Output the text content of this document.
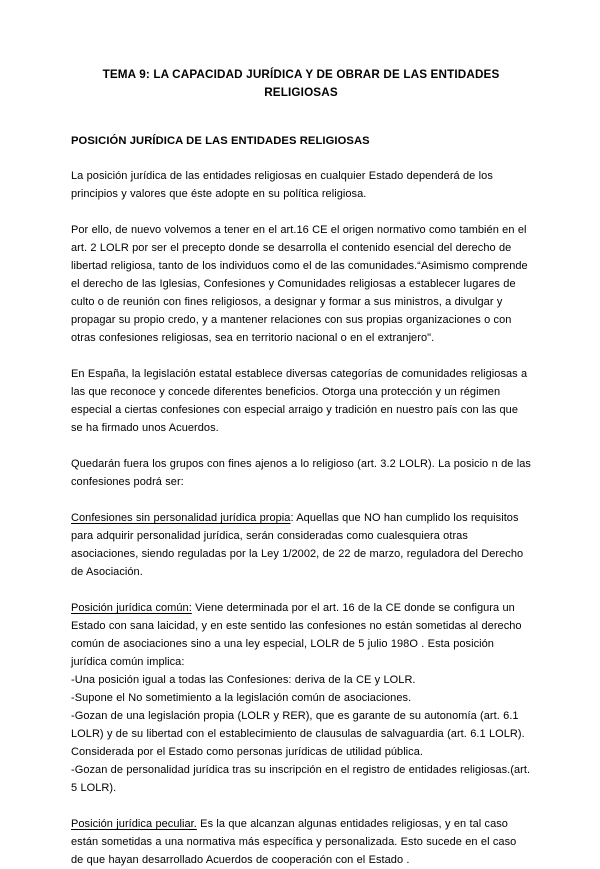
TEMA 9: LA CAPACIDAD JURÍDICA Y DE OBRAR DE LAS ENTIDADES RELIGIOSAS
POSICIÓN JURÍDICA DE LAS ENTIDADES RELIGIOSAS

La posición jurídica de las entidades religiosas en cualquier Estado dependerá de los principios y valores que éste adopte en su política religiosa.

Por ello, de nuevo volvemos a tener en el art.16 CE el origen normativo como también en el art. 2 LOLR por ser el precepto donde se desarrolla el contenido esencial del derecho de libertad religiosa, tanto de los individuos como el de las comunidades.“Asimismo comprende el derecho de las Iglesias, Confesiones y Comunidades religiosas a establecer lugares de culto o de reunión con fines religiosos, a designar y formar a sus ministros, a divulgar y propagar su propio credo, y a mantener relaciones con sus propias organizaciones o con otras confesiones religiosas, sea en territorio nacional o en el extranjero".

En España, la legislación estatal establece diversas categorías de comunidades religiosas a las que reconoce y concede diferentes beneficios. Otorga una protección y un régimen especial a ciertas confesiones con especial arraigo y tradición en nuestro país con las que se ha firmado unos Acuerdos.

Quedarán fuera los grupos con fines ajenos a lo religioso (art. 3.2 LOLR). La posicio n de las confesiones podrá ser:

Confesiones sin personalidad jurídica propia: Aquellas que NO han cumplido los requisitos para adquirir personalidad jurídica, serán consideradas como cualesquiera otras asociaciones, siendo reguladas por la Ley 1/2002, de 22 de marzo, reguladora del Derecho de Asociación.

Posición jurídica común: Viene determinada por el art. 16 de la CE donde se configura un Estado con sana laicidad, y en este sentido las confesiones no están sometidas al derecho común de asociaciones sino a una ley especial, LOLR de 5 julio 198O . Esta posición jurídica común implica:
-Una posición igual a todas las Confesiones: deriva de la CE y LOLR.
-Supone el No sometimiento a la legislación común de asociaciones.
-Gozan de una legislación propia (LOLR y RER), que es garante de su autonomía (art. 6.1 LOLR) y de su libertad con el establecimiento de clausulas de salvaguardia (art. 6.1 LOLR). Considerada por el Estado como personas jurídicas de utilidad pública.
-Gozan de personalidad jurídica tras su inscripción en el registro de entidades religiosas.(art. 5 LOLR).

Posición jurídica peculiar. Es la que alcanzan algunas entidades religiosas, y en tal caso están sometidas a una normativa más específica y personalizada. Esto sucede en el caso de que hayan desarrollado Acuerdos de cooperación con el Estado .
